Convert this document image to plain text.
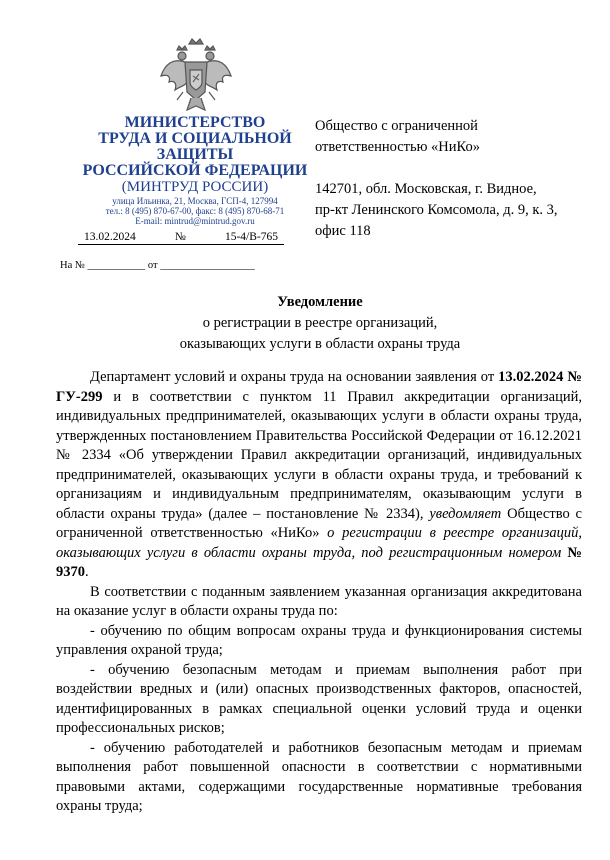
МИНИСТЕРСТВО
ТРУДА И СОЦИАЛЬНОЙ
ЗАЩИТЫ
РОССИЙСКОЙ ФЕДЕРАЦИИ
(МИНТРУД РОССИИ)
улица Ильинка, 21, Москва, ГСП-4, 127994
тел.: 8 (495) 870-67-00, факс: 8 (495) 870-68-71
E-mail: mintrud@mintrud.gov.ru
13.02.2024	№	15-4/В-765
На № ___________ от __________________
Общество с ограниченной
ответственностью «НиКо»
142701, обл. Московская, г. Видное,
пр-кт Ленинского Комсомола, д. 9, к. 3,
офис 118
Уведомление
о регистрации в реестре организаций,
оказывающих услуги в области охраны труда

Департамент условий и охраны труда на основании заявления от 13.02.2024 № ГУ-299 и в соответствии с пунктом 11 Правил аккредитации организаций, индивидуальных предпринимателей, оказывающих услуги в области охраны труда, утвержденных постановлением Правительства Российской Федерации от 16.12.2021 № 2334 «Об утверждении Правил аккредитации организаций, индивидуальных предпринимателей, оказывающих услуги в области охраны труда, и требований к организациям и индивидуальным предпринимателям, оказывающим услуги в области охраны труда» (далее – постановление № 2334), уведомляет Общество с ограниченной ответственностью «НиКо» о регистрации в реестре организаций, оказывающих услуги в области охраны труда, под регистрационным номером № 9370.

В соответствии с поданным заявлением указанная организация аккредитована на оказание услуг в области охраны труда по:

- обучению по общим вопросам охраны труда и функционирования системы управления охраной труда;

- обучению безопасным методам и приемам выполнения работ при воздействии вредных и (или) опасных производственных факторов, опасностей, идентифицированных в рамках специальной оценки условий труда и оценки профессиональных рисков;

- обучению работодателей и работников безопасным методам и приемам выполнения работ повышенной опасности в соответствии с нормативными правовыми актами, содержащими государственные нормативные требования охраны труда;
